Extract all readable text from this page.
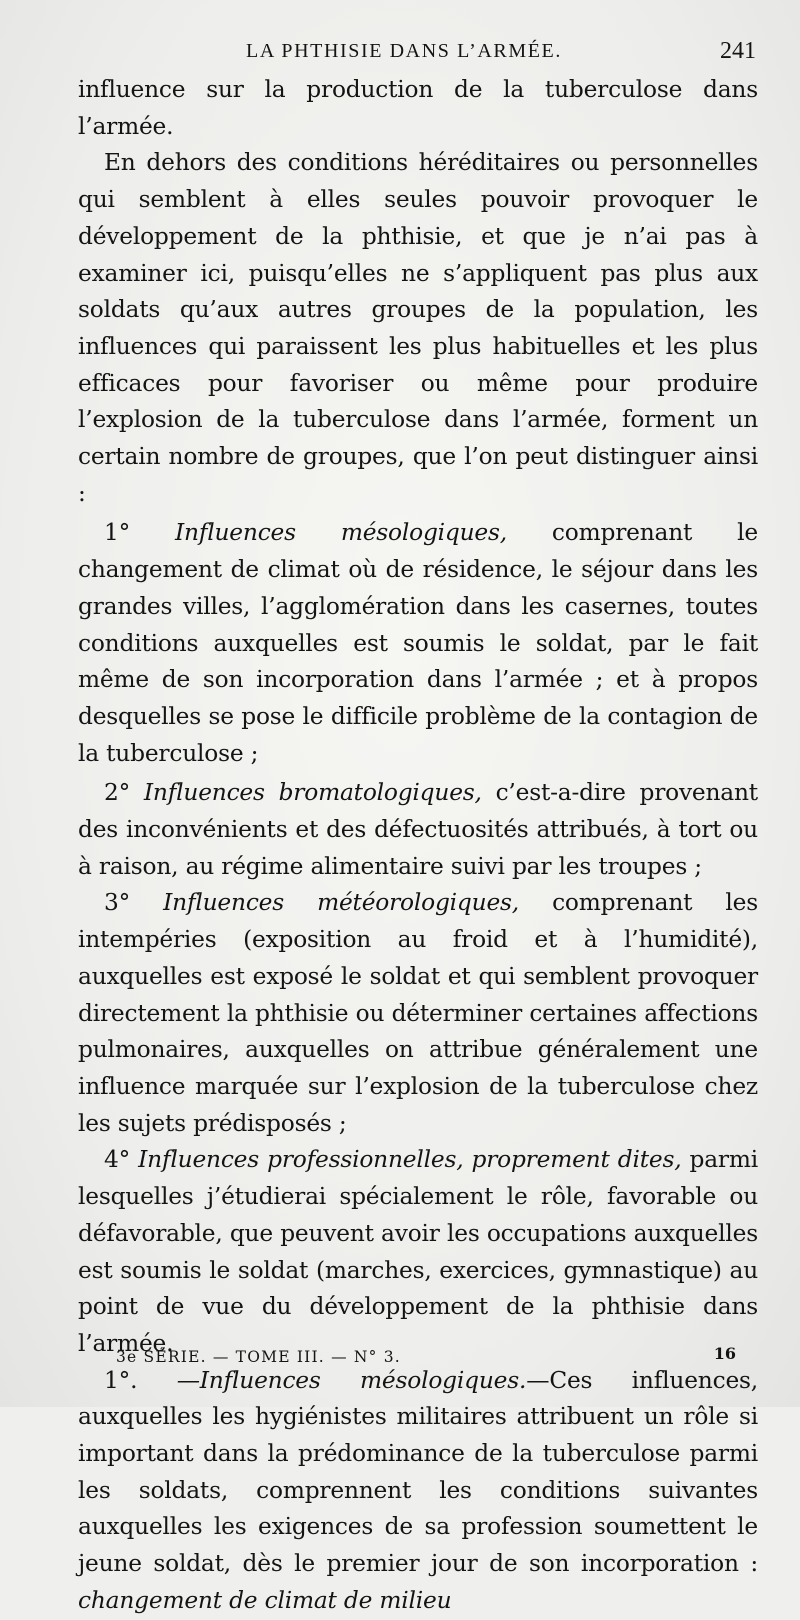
LA PHTHISIE DANS L’ARMÉE.	241

influence sur la production de la tuberculose dans l’armée.

En dehors des conditions héréditaires ou personnelles qui semblent à elles seules pouvoir provoquer le développement de la phthisie, et que je n’ai pas à examiner ici, puisqu’elles ne s’appliquent pas plus aux soldats qu’aux autres groupes de la population, les influences qui paraissent les plus habituelles et les plus efficaces pour favoriser ou même pour produire l’explosion de la tuberculose dans l’armée, forment un certain nombre de groupes, que l’on peut distinguer ainsi :

1° Influences mésologiques, comprenant le changement de climat où de résidence, le séjour dans les grandes villes, l’agglomération dans les casernes, toutes conditions auxquelles est soumis le soldat, par le fait même de son incorporation dans l’armée ; et à propos desquelles se pose le difficile problème de la contagion de la tuberculose ;

2° Influences bromatologiques, c’est-a-dire provenant des inconvénients et des défectuosités attribués, à tort ou à raison, au régime alimentaire suivi par les troupes ;

3° Influences météorologiques, comprenant les intempéries (exposition au froid et à l’humidité), auxquelles est exposé le soldat et qui semblent provoquer directement la phthisie ou déterminer certaines affections pulmonaires, auxquelles on attribue généralement une influence marquée sur l’explosion de la tuberculose chez les sujets prédisposés ;

4° Influences professionnelles, proprement dites, parmi lesquelles j’étudierai spécialement le rôle, favorable ou défavorable, que peuvent avoir les occupations auxquelles est soumis le soldat (marches, exercices, gymnastique) au point de vue du développement de la phthisie dans l’armée.

1°. —Influences mésologiques.—Ces influences, auxquelles les hygiénistes militaires attribuent un rôle si important dans la prédominance de la tuberculose parmi les soldats, comprennent les conditions suivantes auxquelles les exigences de sa profession soumettent le jeune soldat, dès le premier jour de son incorporation : changement de climat de milieu

3e SÉRIE. — TOME III. — N° 3.	16
